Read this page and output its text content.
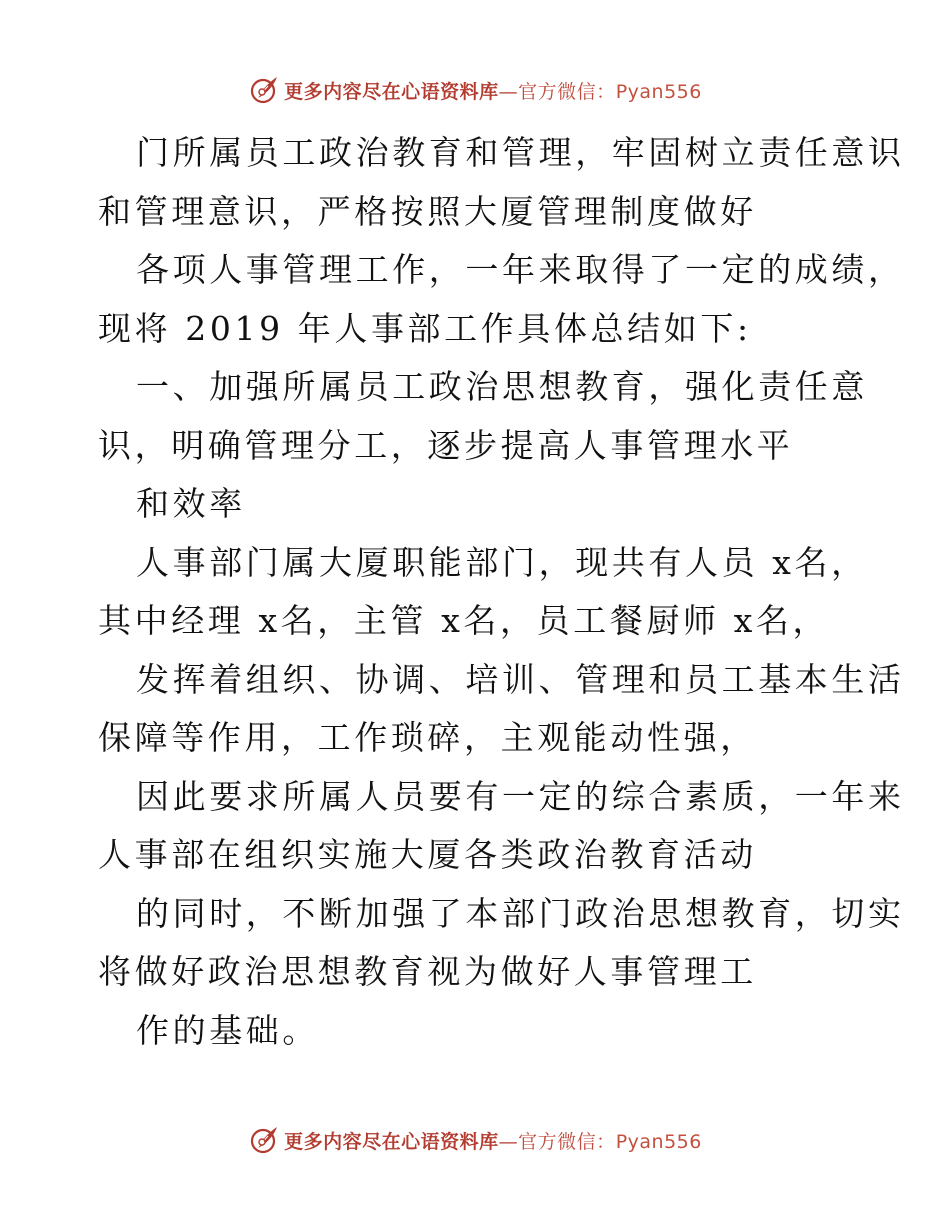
更多内容尽在心语资料库—官方微信：Pyan556
门所属员工政治教育和管理，牢固树立责任意识
和管理意识，严格按照大厦管理制度做好
各项人事管理工作，一年来取得了一定的成绩，
现将 2019 年人事部工作具体总结如下:
一、加强所属员工政治思想教育，强化责任意
识，明确管理分工，逐步提高人事管理水平
和效率
人事部门属大厦职能部门，现共有人员 x名，
其中经理 x名，主管 x名，员工餐厨师 x名，
发挥着组织、协调、培训、管理和员工基本生活
保障等作用，工作琐碎，主观能动性强，
因此要求所属人员要有一定的综合素质，一年来
人事部在组织实施大厦各类政治教育活动
的同时，不断加强了本部门政治思想教育，切实
将做好政治思想教育视为做好人事管理工
作的基础。
更多内容尽在心语资料库—官方微信：Pyan556
